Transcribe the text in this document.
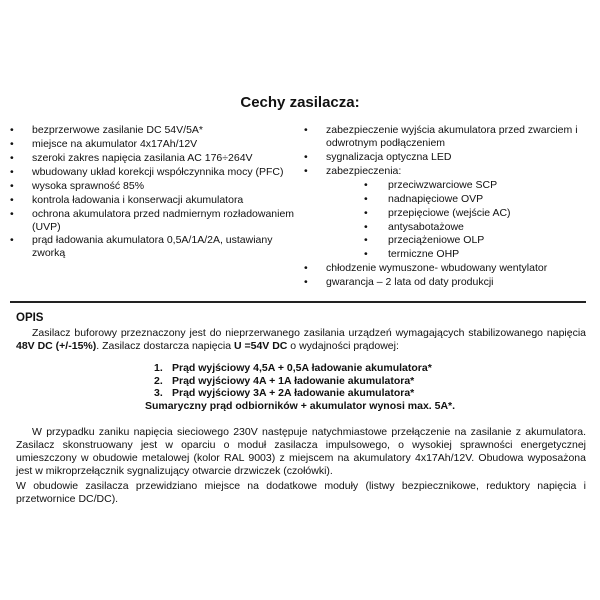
Cechy zasilacza:
• bezprzerwowe zasilanie DC 54V/5A*
• miejsce na akumulator 4x17Ah/12V
• szeroki zakres napięcia zasilania AC 176÷264V
• wbudowany układ korekcji współczynnika mocy (PFC)
• wysoka sprawność 85%
• kontrola ładowania i konserwacji akumulatora
• ochrona akumulatora przed nadmiernym rozładowaniem (UVP)
• prąd ładowania akumulatora 0,5A/1A/2A, ustawiany zworką
• zabezpieczenie wyjścia akumulatora przed zwarciem i odwrotnym podłączeniem
• sygnalizacja optyczna LED
• zabezpieczenia:
• przeciwzwarciowe SCP
• nadnapięciowe OVP
• przepięciowe (wejście AC)
• antysabotażowe
• przeciążeniowe OLP
• termiczne OHP
• chłodzenie wymuszone- wbudowany wentylator
• gwarancja – 2 lata od daty produkcji
OPIS
Zasilacz buforowy przeznaczony jest do nieprzerwanego zasilania urządzeń wymagających stabilizowanego napięcia 48V DC (+/-15%). Zasilacz dostarcza napięcia U =54V DC o wydajności prądowej:
1. Prąd wyjściowy 4,5A + 0,5A ładowanie akumulatora*
2. Prąd wyjściowy 4A + 1A ładowanie akumulatora*
3. Prąd wyjściowy 3A + 2A ładowanie akumulatora*
Sumaryczny prąd odbiorników + akumulator wynosi max. 5A*.
W przypadku zaniku napięcia sieciowego 230V następuje natychmiastowe przełączenie na zasilanie z akumulatora. Zasilacz skonstruowany jest w oparciu o moduł zasilacza impulsowego, o wysokiej sprawności energetycznej umieszczony w obudowie metalowej (kolor RAL 9003) z miejscem na akumulatory 4x17Ah/12V. Obudowa wyposażona jest w mikroprzełącznik sygnalizujący otwarcie drzwiczek (czołówki).
W obudowie zasilacza przewidziano miejsce na dodatkowe moduły (listwy bezpiecznikowe, reduktory napięcia i przetwornice DC/DC).
